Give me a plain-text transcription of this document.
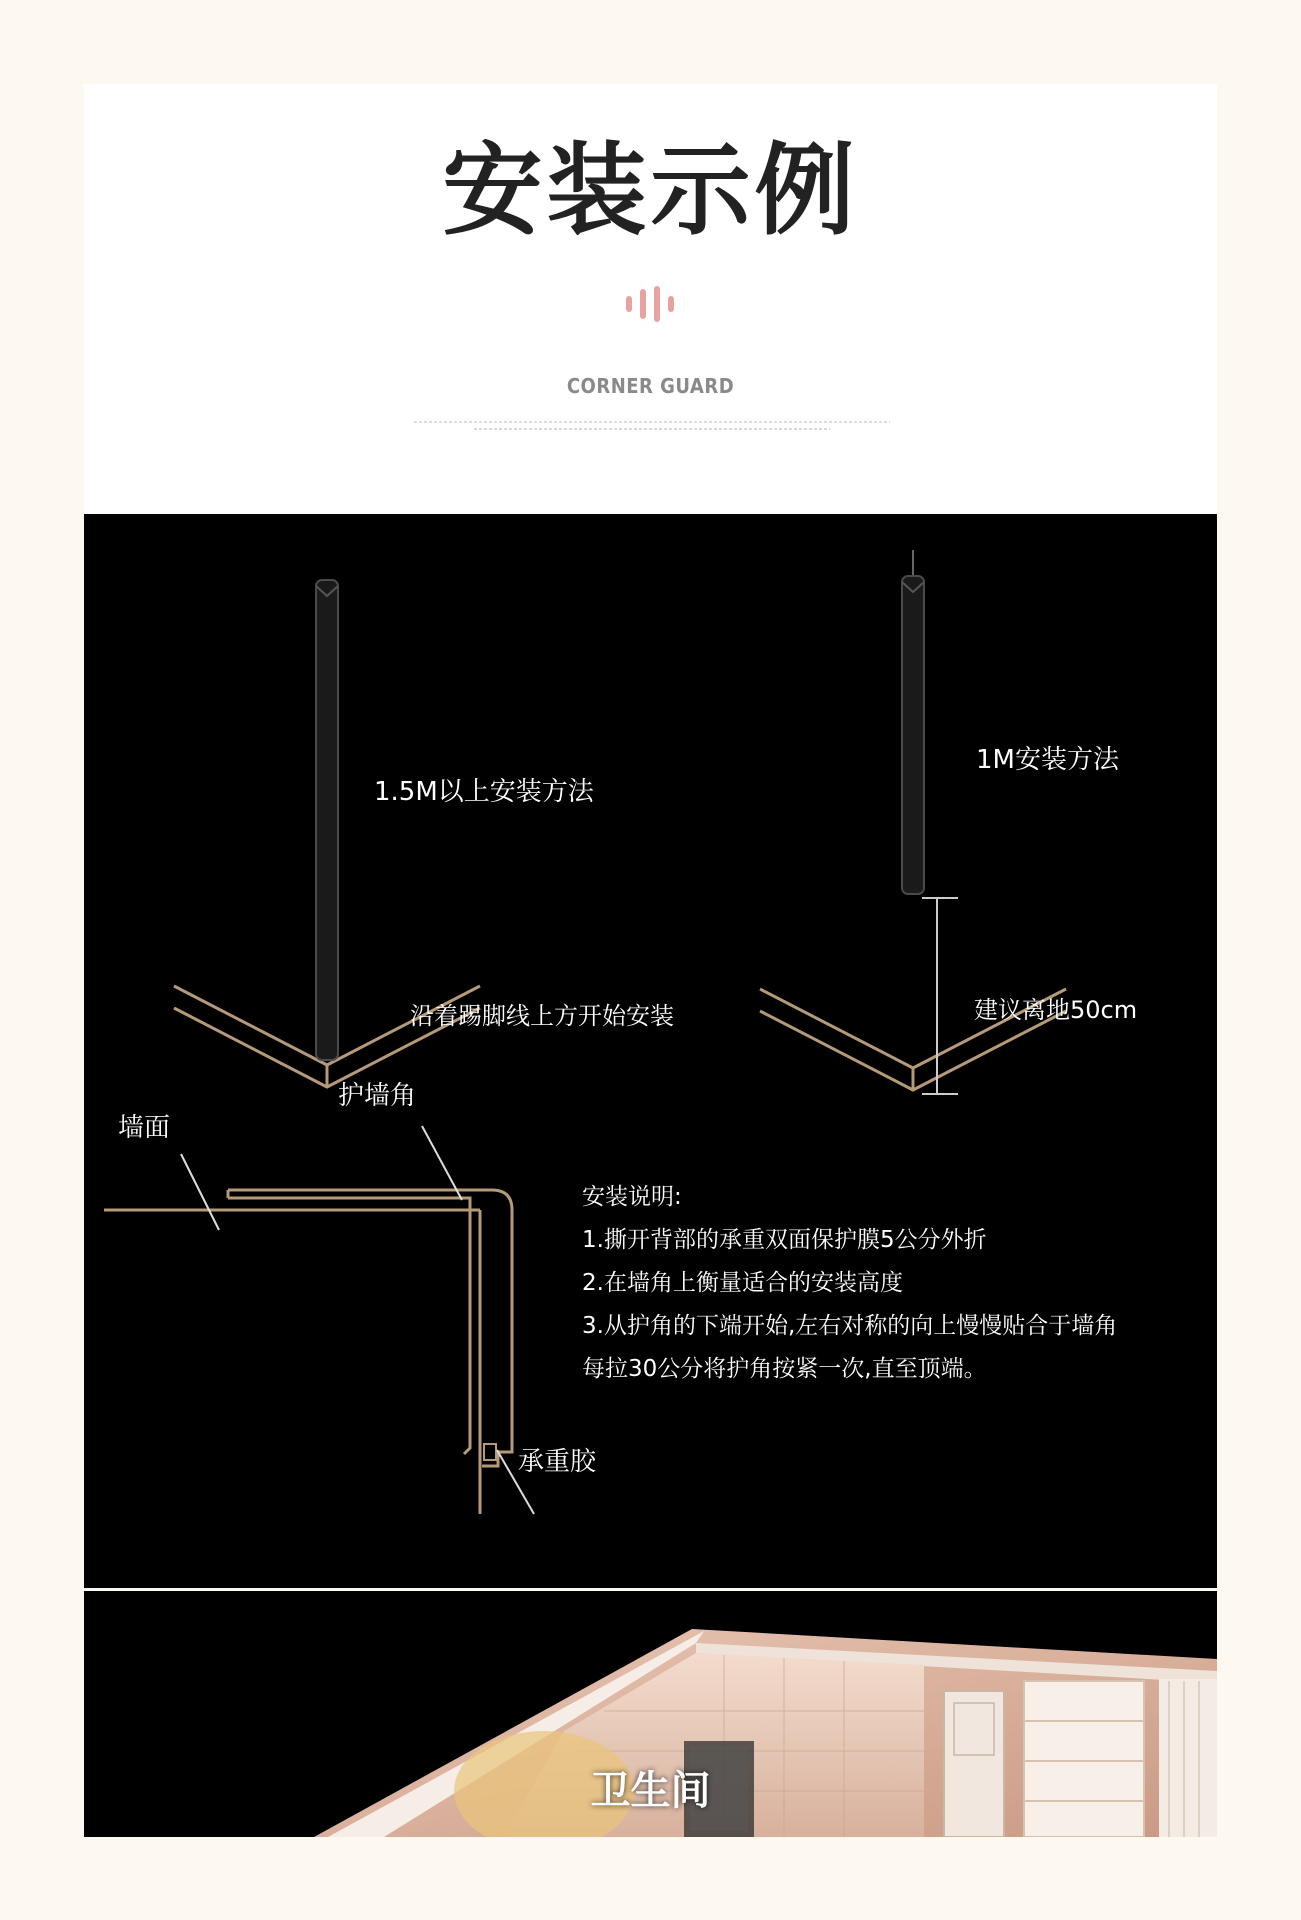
安装示例
CORNER GUARD
1.5M以上安装方法
沿着踢脚线上方开始安装
1M安装方法
建议离地50cm
墙面
护墙角
承重胶
安装说明:
1.撕开背部的承重双面保护膜5公分外折
2.在墙角上衡量适合的安装高度
3.从护角的下端开始,左右对称的向上慢慢贴合于墙角
每拉30公分将护角按紧一次,直至顶端。
卫生间
